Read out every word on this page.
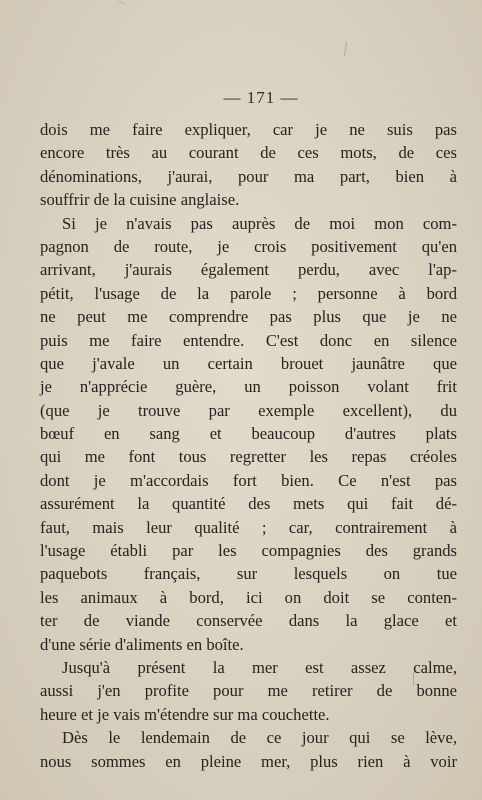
— 171 —
dois me faire expliquer, car je ne suis pas
encore très au courant de ces mots, de ces
dénominations, j'aurai, pour ma part, bien à
souffrir de la cuisine anglaise.
Si je n'avais pas auprès de moi mon com-
pagnon de route, je crois positivement qu'en
arrivant, j'aurais également perdu, avec l'ap-
pétit, l'usage de la parole ; personne à bord
ne peut me comprendre pas plus que je ne
puis me faire entendre. C'est donc en silence
que j'avale un certain brouet jaunâtre que
je n'apprécie guère, un poisson volant frit
(que je trouve par exemple excellent), du
bœuf en sang et beaucoup d'autres plats
qui me font tous regretter les repas créoles
dont je m'accordais fort bien. Ce n'est pas
assurément la quantité des mets qui fait dé-
faut, mais leur qualité ; car, contrairement à
l'usage établi par les compagnies des grands
paquebots français, sur lesquels on tue
les animaux à bord, ici on doit se conten-
ter de viande conservée dans la glace et
d'une série d'aliments en boîte.
Jusqu'à présent la mer est assez calme,
aussi j'en profite pour me retirer de bonne
heure et je vais m'étendre sur ma couchette.
Dès le lendemain de ce jour qui se lève,
nous sommes en pleine mer, plus rien à voir
